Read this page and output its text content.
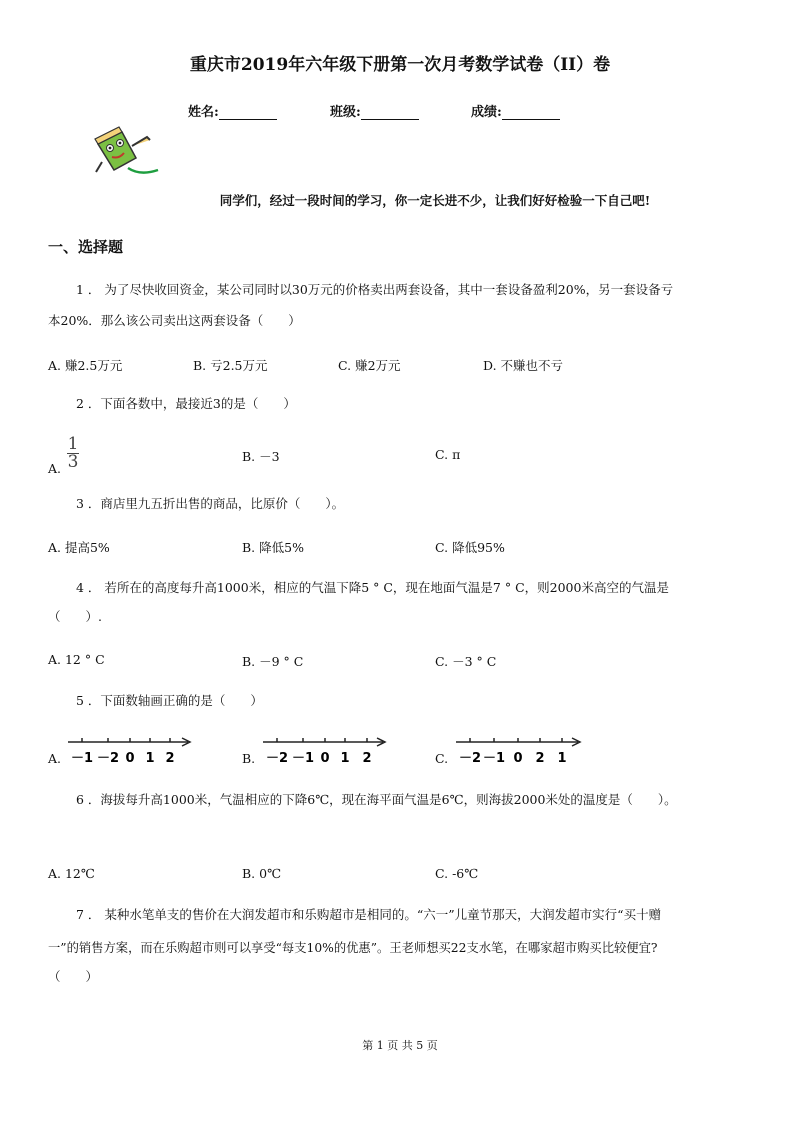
重庆市2019年六年级下册第一次月考数学试卷（II）卷
姓名:	班级:	成绩:
同学们，经过一段时间的学习，你一定长进不少，让我们好好检验一下自己吧!
一、选择题
1 ． 为了尽快收回资金，某公司同时以30万元的价格卖出两套设备，其中一套设备盈利20%，另一套设备亏
本20%．那么该公司卖出这两套设备（　　）
A. 赚2.5万元	B. 亏2.5万元	C. 赚2万元	D. 不赚也不亏
2 ．下面各数中，最接近3的是（　　）
A. $\frac{1}{3}$	B. －3	C. π
3 ．商店里九五折出售的商品，比原价（　　）。
A. 提高5%	B. 降低5%	C. 降低95%
4 ． 若所在的高度每升高1000米，相应的气温下降5 ° C，现在地面气温是7 ° C，则2000米高空的气温是
（　　）.
A. 12 ° C	B. －9 ° C	C. －3 ° C
5 ．下面数轴画正确的是（　　）
A. －1 －2 0 1 2	B. －2 －1 0 1 2	C. －2 －1 0 2 1
6 ．海拔每升高1000米，气温相应的下降6℃，现在海平面气温是6℃，则海拔2000米处的温度是（　　）。
A. 12℃	B. 0℃	C. -6℃
7 ． 某种水笔单支的售价在大润发超市和乐购超市是相同的。“六一”儿童节那天，大润发超市实行“买十赠
一”的销售方案，而在乐购超市则可以享受“每支10%的优惠”。王老师想买22支水笔，在哪家超市购买比较便宜?
（　　）
第 1 页 共 5 页
